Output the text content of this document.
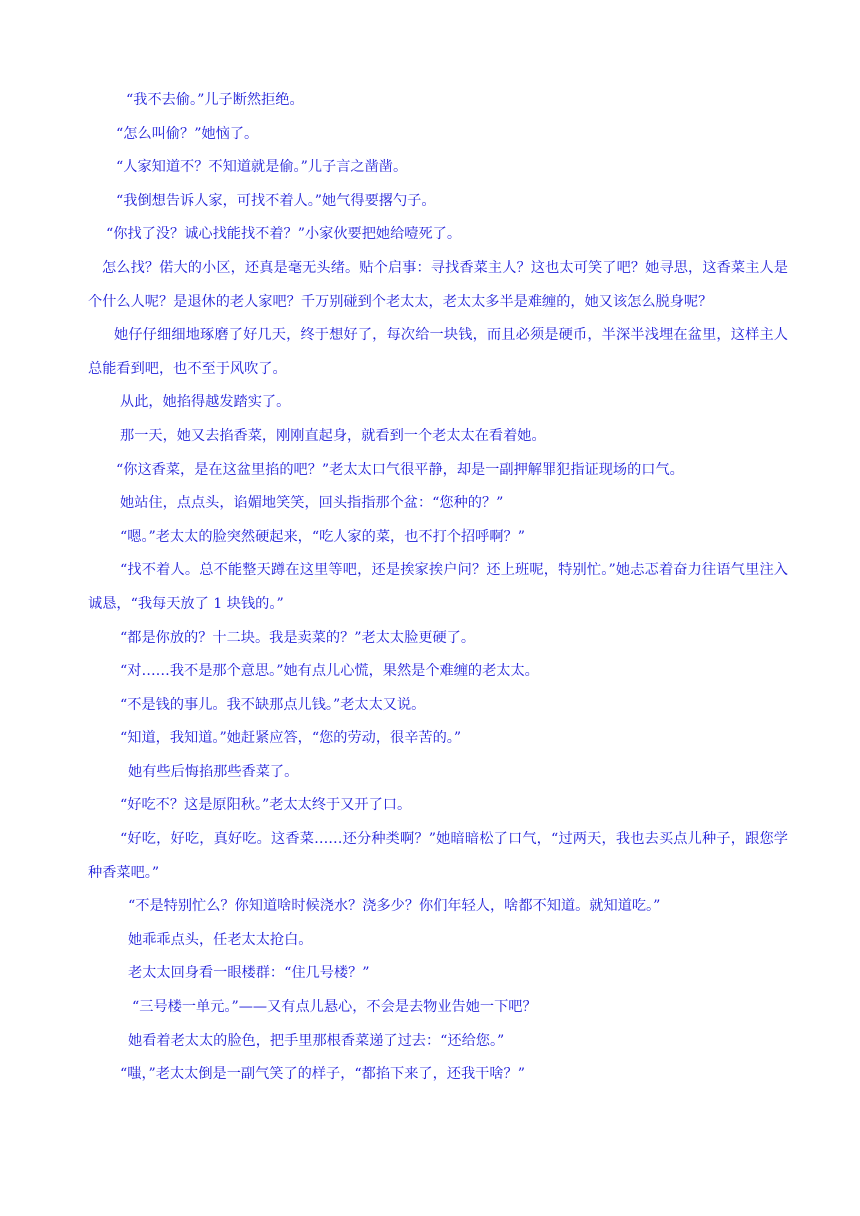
“我不去偷。”儿子断然拒绝。

“怎么叫偷？”她恼了。

“人家知道不？不知道就是偷。”儿子言之凿凿。

“我倒想告诉人家，可找不着人。”她气得要撂勺子。

“你找了没？诚心找能找不着？”小家伙要把她给噎死了。

怎么找？偌大的小区，还真是毫无头绪。贴个启事：寻找香菜主人？这也太可笑了吧？她寻思，这香菜主人是个什么人呢？是退休的老人家吧？千万别碰到个老太太，老太太多半是难缠的，她又该怎么脱身呢？

她仔仔细细地琢磨了好几天，终于想好了，每次给一块钱，而且必须是硬币，半深半浅埋在盆里，这样主人总能看到吧，也不至于风吹了。

从此，她掐得越发踏实了。

那一天，她又去掐香菜，刚刚直起身，就看到一个老太太在看着她。

“你这香菜，是在这盆里掐的吧？”老太太口气很平静，却是一副押解罪犯指证现场的口气。

她站住，点点头，谄媚地笑笑，回头指指那个盆：“您种的？”

“嗯。”老太太的脸突然硬起来，“吃人家的菜，也不打个招呼啊？”

“找不着人。总不能整天蹲在这里等吧，还是挨家挨户问？还上班呢，特别忙。”她忐忑着奋力往语气里注入诚恳，“我每天放了 1 块钱的。”

“都是你放的？十二块。我是卖菜的？”老太太脸更硬了。

“对……我不是那个意思。”她有点儿心慌，果然是个难缠的老太太。

“不是钱的事儿。我不缺那点儿钱。”老太太又说。

“知道，我知道。”她赶紧应答，“您的劳动，很辛苦的。”

她有些后悔掐那些香菜了。

“好吃不？这是原阳秋。”老太太终于又开了口。

“好吃，好吃，真好吃。这香菜……还分种类啊？”她暗暗松了口气，“过两天，我也去买点儿种子，跟您学种香菜吧。”

“不是特别忙么？你知道啥时候浇水？浇多少？你们年轻人，啥都不知道。就知道吃。”

她乖乖点头，任老太太抢白。

老太太回身看一眼楼群：“住几号楼？”

“三号楼一单元。”——又有点儿悬心，不会是去物业告她一下吧？

她看着老太太的脸色，把手里那根香菜递了过去：“还给您。”

“嗤，”老太太倒是一副气笑了的样子，“都掐下来了，还我干啥？”
